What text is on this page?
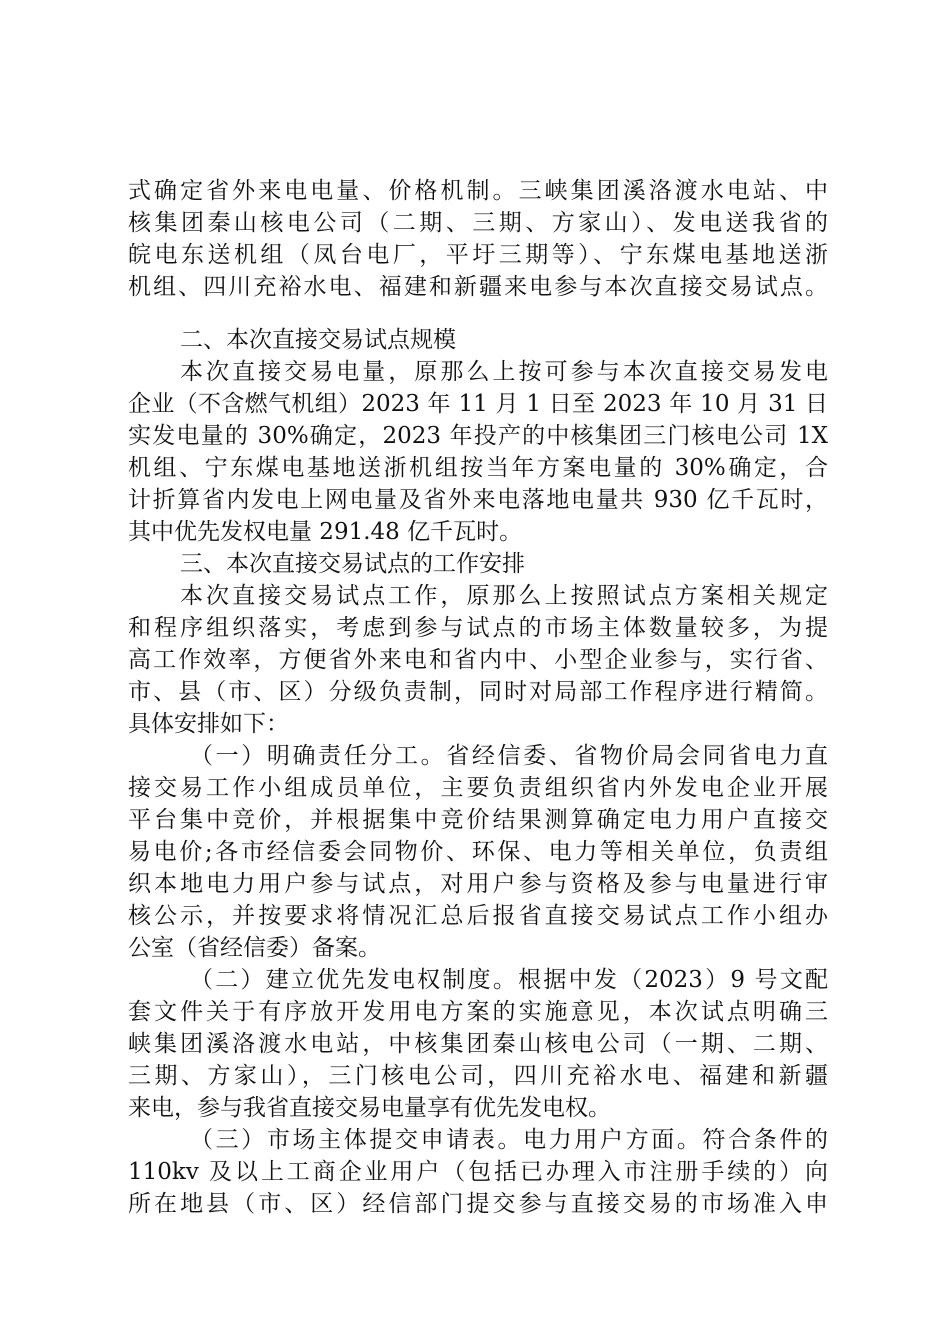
式确定省外来电电量、价格机制。三峡集团溪洛渡水电站、中
核集团秦山核电公司（二期、三期、方家山）、发电送我省的
皖电东送机组（凤台电厂，平圩三期等）、宁东煤电基地送浙
机组、四川充裕水电、福建和新疆来电参与本次直接交易试点。
二、本次直接交易试点规模
本次直接交易电量，原那么上按可参与本次直接交易发电
企业（不含燃气机组）2023 年 11 月 1 日至 2023 年 10 月 31 日
实发电量的 30%确定，2023 年投产的中核集团三门核电公司 1X
机组、宁东煤电基地送浙机组按当年方案电量的 30%确定，合
计折算省内发电上网电量及省外来电落地电量共 930 亿千瓦时，
其中优先发权电量 291.48 亿千瓦时。
三、本次直接交易试点的工作安排
本次直接交易试点工作，原那么上按照试点方案相关规定
和程序组织落实，考虑到参与试点的市场主体数量较多，为提
高工作效率，方便省外来电和省内中、小型企业参与，实行省、
市、县（市、区）分级负责制，同时对局部工作程序进行精简。
具体安排如下：
（一）明确责任分工。省经信委、省物价局会同省电力直
接交易工作小组成员单位，主要负责组织省内外发电企业开展
平台集中竞价，并根据集中竞价结果测算确定电力用户直接交
易电价;各市经信委会同物价、环保、电力等相关单位，负责组
织本地电力用户参与试点，对用户参与资格及参与电量进行审
核公示，并按要求将情况汇总后报省直接交易试点工作小组办
公室（省经信委）备案。
（二）建立优先发电权制度。根据中发（2023）9 号文配
套文件关于有序放开发用电方案的实施意见，本次试点明确三
峡集团溪洛渡水电站，中核集团秦山核电公司（一期、二期、
三期、方家山），三门核电公司，四川充裕水电、福建和新疆
来电，参与我省直接交易电量享有优先发电权。
（三）市场主体提交申请表。电力用户方面。符合条件的
110kv 及以上工商企业用户（包括已办理入市注册手续的）向
所在地县（市、区）经信部门提交参与直接交易的市场准入申
